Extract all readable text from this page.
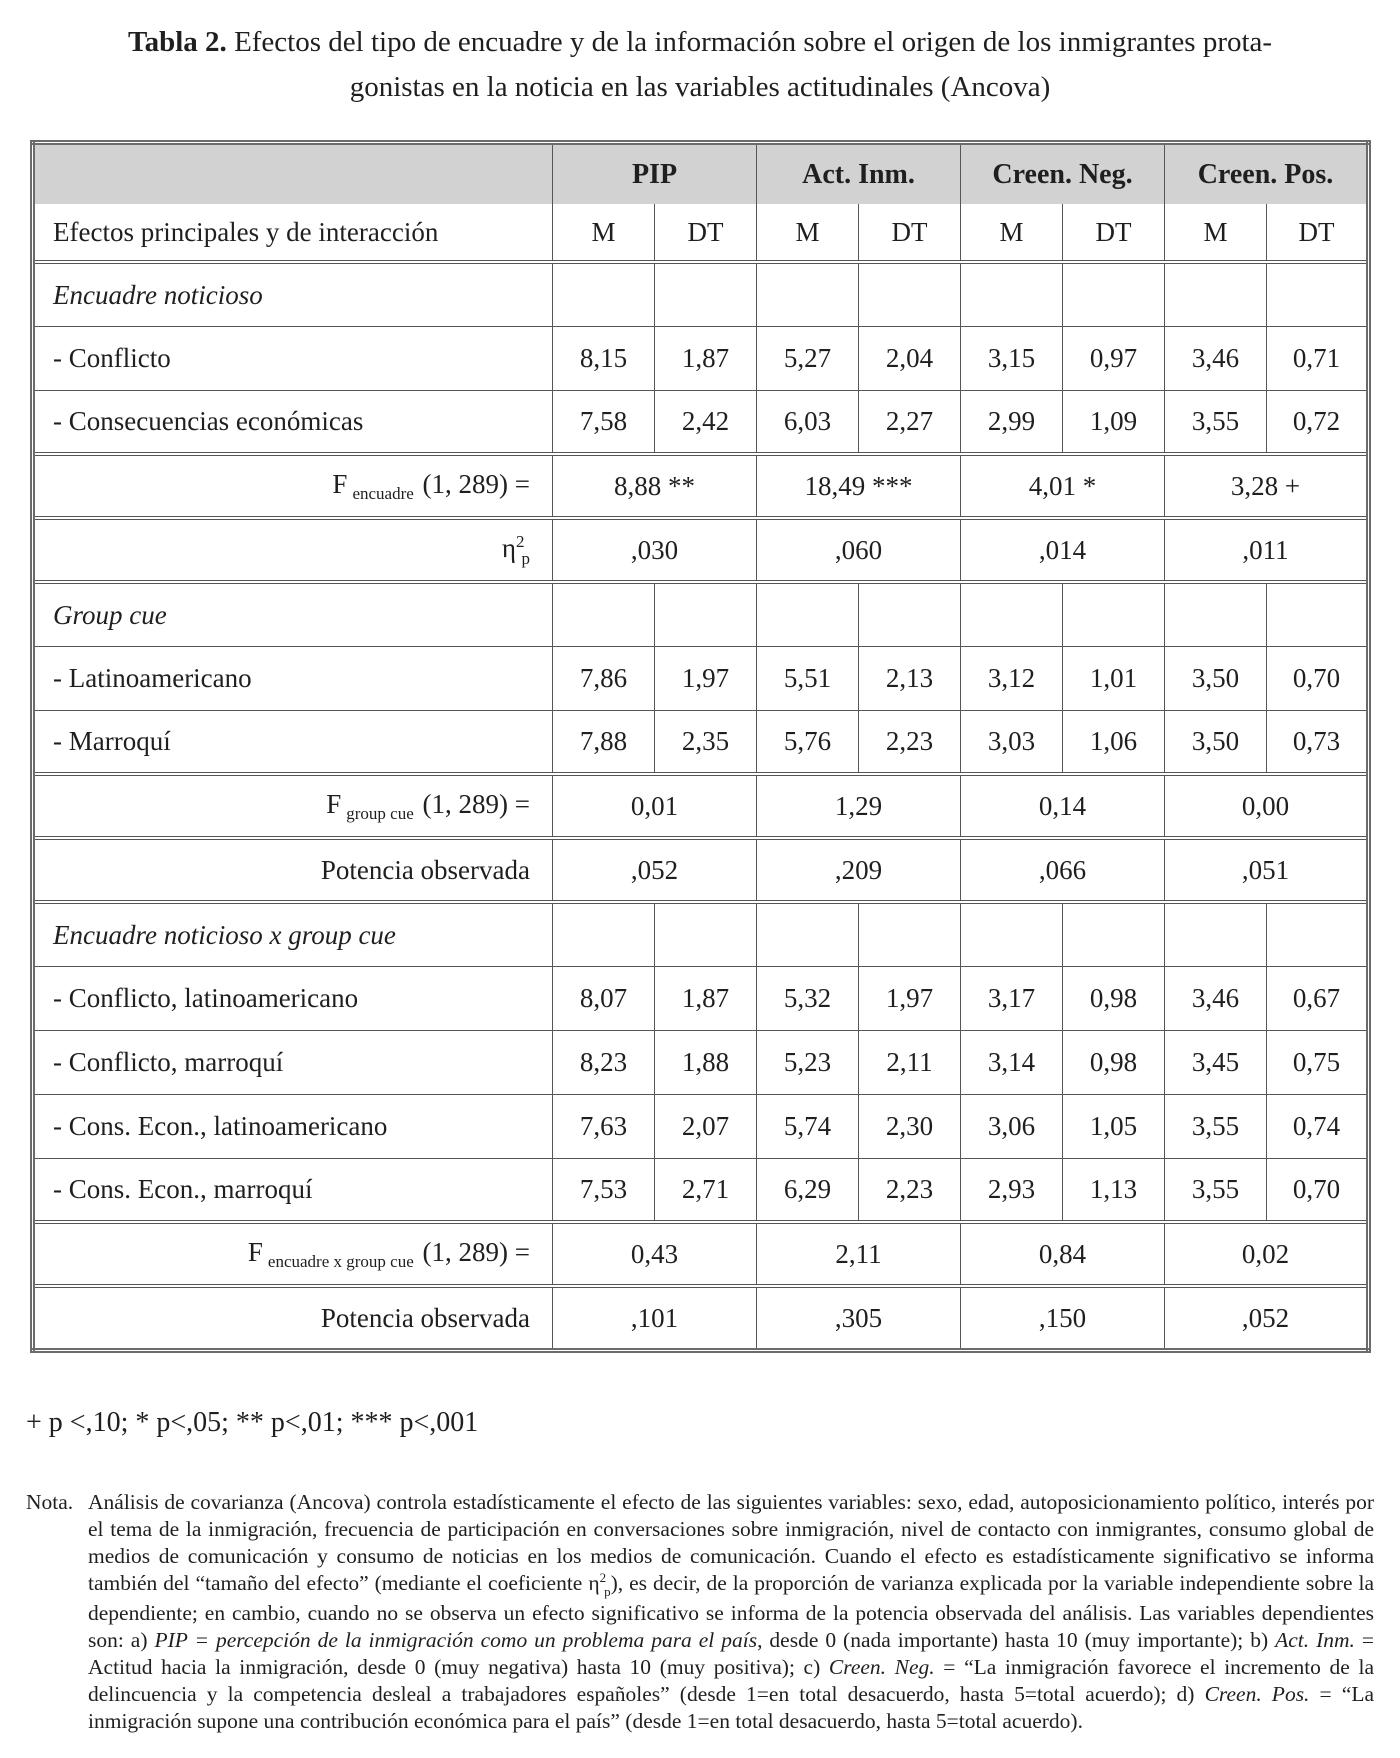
Tabla 2. Efectos del tipo de encuadre y de la información sobre el origen de los inmigrantes prota-
gonistas en la noticia en las variables actitudinales (Ancova)
	PIP		Act. Inm.		Creen. Neg.		Creen. Pos.	
Efectos principales y de interacción	M	DT	M	DT	M	DT	M	DT
Encuadre noticioso								
- Conflicto	8,15	1,87	5,27	2,04	3,15	0,97	3,46	0,71
- Consecuencias económicas	7,58	2,42	6,03	2,27	2,99	1,09	3,55	0,72
F $_{encuadre}$ (1, 289) =	8,88 **		18,49 ***		4,01 *		3,28 +	
$\eta^2_p$	,030		,060		,014		,011	
Group cue								
- Latinoamericano	7,86	1,97	5,51	2,13	3,12	1,01	3,50	0,70
- Marroquí	7,88	2,35	5,76	2,23	3,03	1,06	3,50	0,73
F $_{group cue}$ (1, 289) =	0,01		1,29		0,14		0,00	
Potencia observada	,052		,209		,066		,051	
Encuadre noticioso x group cue								
- Conflicto, latinoamericano	8,07	1,87	5,32	1,97	3,17	0,98	3,46	0,67
- Conflicto, marroquí	8,23	1,88	5,23	2,11	3,14	0,98	3,45	0,75
- Cons. Econ., latinoamericano	7,63	2,07	5,74	2,30	3,06	1,05	3,55	0,74
- Cons. Econ., marroquí	7,53	2,71	6,29	2,23	2,93	1,13	3,55	0,70
F $_{encuadre x group cue}$ (1, 289) =	0,43		2,11		0,84		0,02	
Potencia observada	,101		,305		,150		,052	
+ p <,10; * p<,05; ** p<,01; *** p<,001
Nota. Análisis de covarianza (Ancova) controla estadísticamente el efecto de las siguientes variables: sexo, edad, autoposicionamiento político, interés por el tema de la inmigración, frecuencia de participación en conversaciones sobre inmigración, nivel de contacto con inmigrantes, consumo global de medios de comunicación y consumo de noticias en los medios de comunicación. Cuando el efecto es estadísticamente significativo se informa también del “tamaño del efecto” (mediante el coeficiente $\eta^2_p$), es decir, de la proporción de varianza explicada por la variable independiente sobre la dependiente; en cambio, cuando no se observa un efecto significativo se informa de la potencia observada del análisis. Las variables dependientes son: a) PIP = percepción de la inmigración como un problema para el país, desde 0 (nada importante) hasta 10 (muy importante); b) Act. Inm. = Actitud hacia la inmigración, desde 0 (muy negativa) hasta 10 (muy positiva); c) Creen. Neg. = “La inmigración favorece el incremento de la delincuencia y la competencia desleal a trabajadores españoles” (desde 1=en total desacuerdo, hasta 5=total acuerdo); d) Creen. Pos. = “La inmigración supone una contribución económica para el país” (desde 1=en total desacuerdo, hasta 5=total acuerdo).
